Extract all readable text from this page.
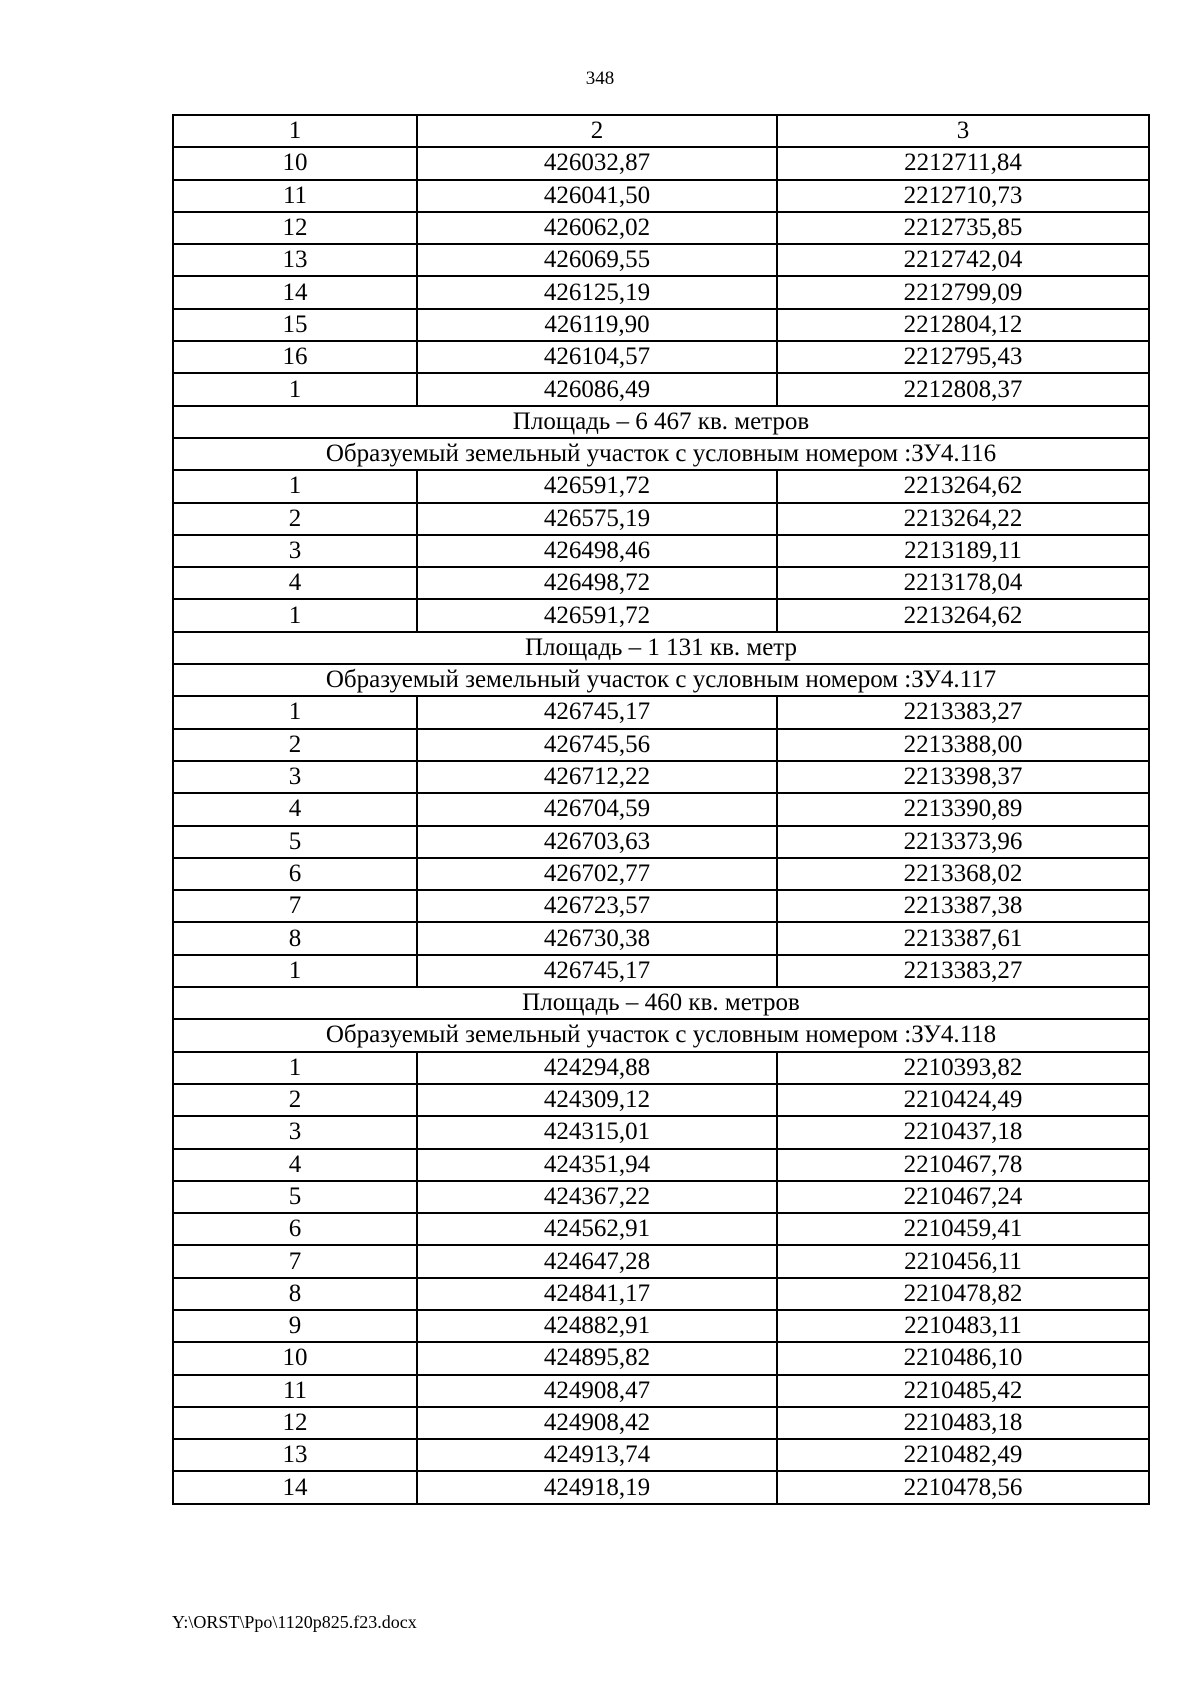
348
1	2	3
10	426032,87	2212711,84
11	426041,50	2212710,73
12	426062,02	2212735,85
13	426069,55	2212742,04
14	426125,19	2212799,09
15	426119,90	2212804,12
16	426104,57	2212795,43
1	426086,49	2212808,37
Площадь – 6 467 кв. метров		
Образуемый земельный участок с условным номером :ЗУ4.116		
1	426591,72	2213264,62
2	426575,19	2213264,22
3	426498,46	2213189,11
4	426498,72	2213178,04
1	426591,72	2213264,62
Площадь – 1 131 кв. метр		
Образуемый земельный участок с условным номером :ЗУ4.117		
1	426745,17	2213383,27
2	426745,56	2213388,00
3	426712,22	2213398,37
4	426704,59	2213390,89
5	426703,63	2213373,96
6	426702,77	2213368,02
7	426723,57	2213387,38
8	426730,38	2213387,61
1	426745,17	2213383,27
Площадь – 460 кв. метров		
Образуемый земельный участок с условным номером :ЗУ4.118		
1	424294,88	2210393,82
2	424309,12	2210424,49
3	424315,01	2210437,18
4	424351,94	2210467,78
5	424367,22	2210467,24
6	424562,91	2210459,41
7	424647,28	2210456,11
8	424841,17	2210478,82
9	424882,91	2210483,11
10	424895,82	2210486,10
11	424908,47	2210485,42
12	424908,42	2210483,18
13	424913,74	2210482,49
14	424918,19	2210478,56
Y:\ORST\Ppo\1120p825.f23.docx
